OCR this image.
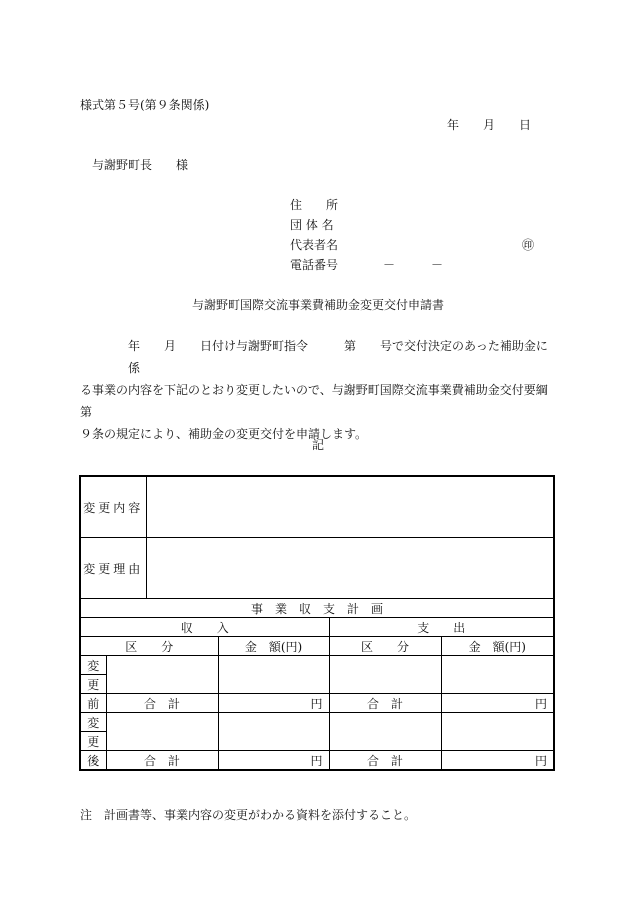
様式第５号(第９条関係)
年　　月　　日
与謝野町長　　様
住　　所
団 体 名
代表者名	㊞
電話番号	－　　　－
与謝野町国際交流事業費補助金変更交付申請書

年　　月　　日付け与謝野町指令　　　第　　号で交付決定のあった補助金に係

る事業の内容を下記のとおり変更したいので、与謝野町国際交流事業費補助金交付要綱第

９条の規定により、補助金の変更交付を申請します。

記
変更内容					
変更理由					
事　業　収　支　計　画					
収　　入				支　　出	
区　　分			金　額(円)	区　　分	金　額(円)
変					
更					
前	合　計		円	合　計	円
変					
更					
後	合　計		円	合　計	円
注　計画書等、事業内容の変更がわかる資料を添付すること。
